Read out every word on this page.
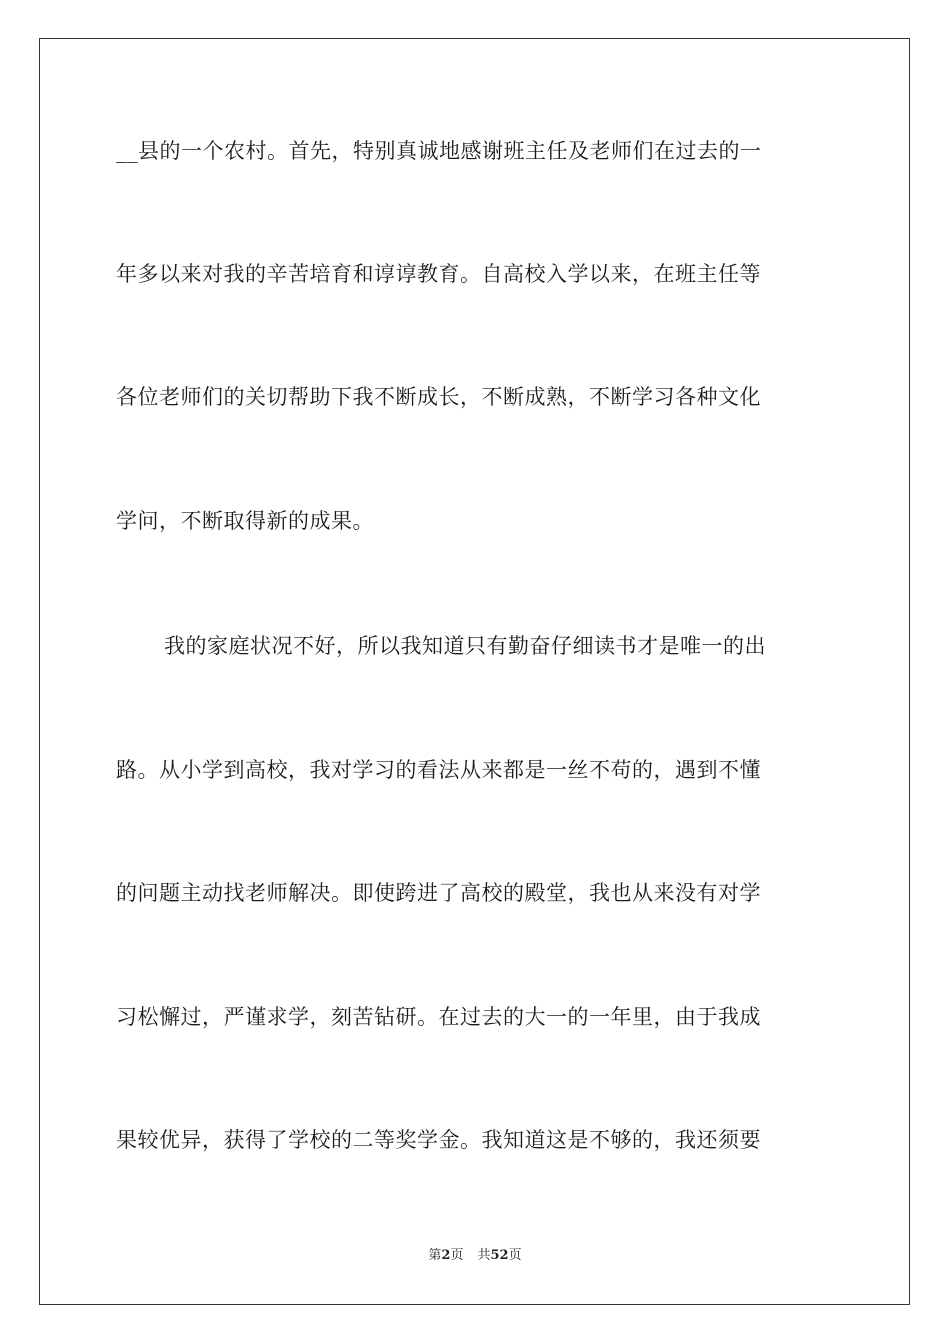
__县的一个农村。首先，特别真诚地感谢班主任及老师们在过去的一
年多以来对我的辛苦培育和谆谆教育。自高校入学以来，在班主任等
各位老师们的关切帮助下我不断成长，不断成熟，不断学习各种文化
学问，不断取得新的成果。
我的家庭状况不好，所以我知道只有勤奋仔细读书才是唯一的出
路。从小学到高校，我对学习的看法从来都是一丝不苟的，遇到不懂
的问题主动找老师解决。即使跨进了高校的殿堂，我也从来没有对学
习松懈过，严谨求学，刻苦钻研。在过去的大一的一年里，由于我成
果较优异，获得了学校的二等奖学金。我知道这是不够的，我还须要
第2页 共52页
